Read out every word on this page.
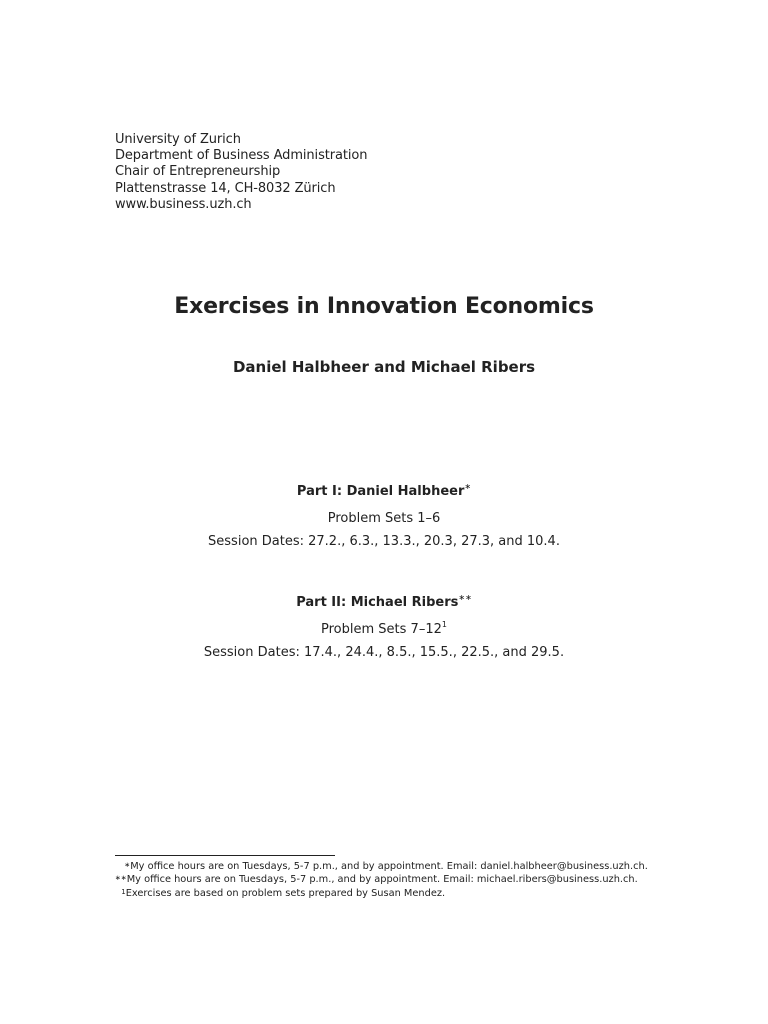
University of Zurich
Department of Business Administration
Chair of Entrepreneurship
Plattenstrasse 14, CH-8032 Zürich
www.business.uzh.ch
Exercises in Innovation Economics
Daniel Halbheer and Michael Ribers
Part I: Daniel Halbheer∗
Problem Sets 1–6
Session Dates: 27.2., 6.3., 13.3., 20.3, 27.3, and 10.4.
Part II: Michael Ribers∗∗
Problem Sets $7-12^1$
Session Dates: 17.4., 24.4., 8.5., 15.5., 22.5., and 29.5.
∗My office hours are on Tuesdays, 5-7 p.m., and by appointment. Email: daniel.halbheer@business.uzh.ch.
∗∗My office hours are on Tuesdays, 5-7 p.m., and by appointment. Email: michael.ribers@business.uzh.ch.
$^1$Exercises are based on problem sets prepared by Susan Mendez.
